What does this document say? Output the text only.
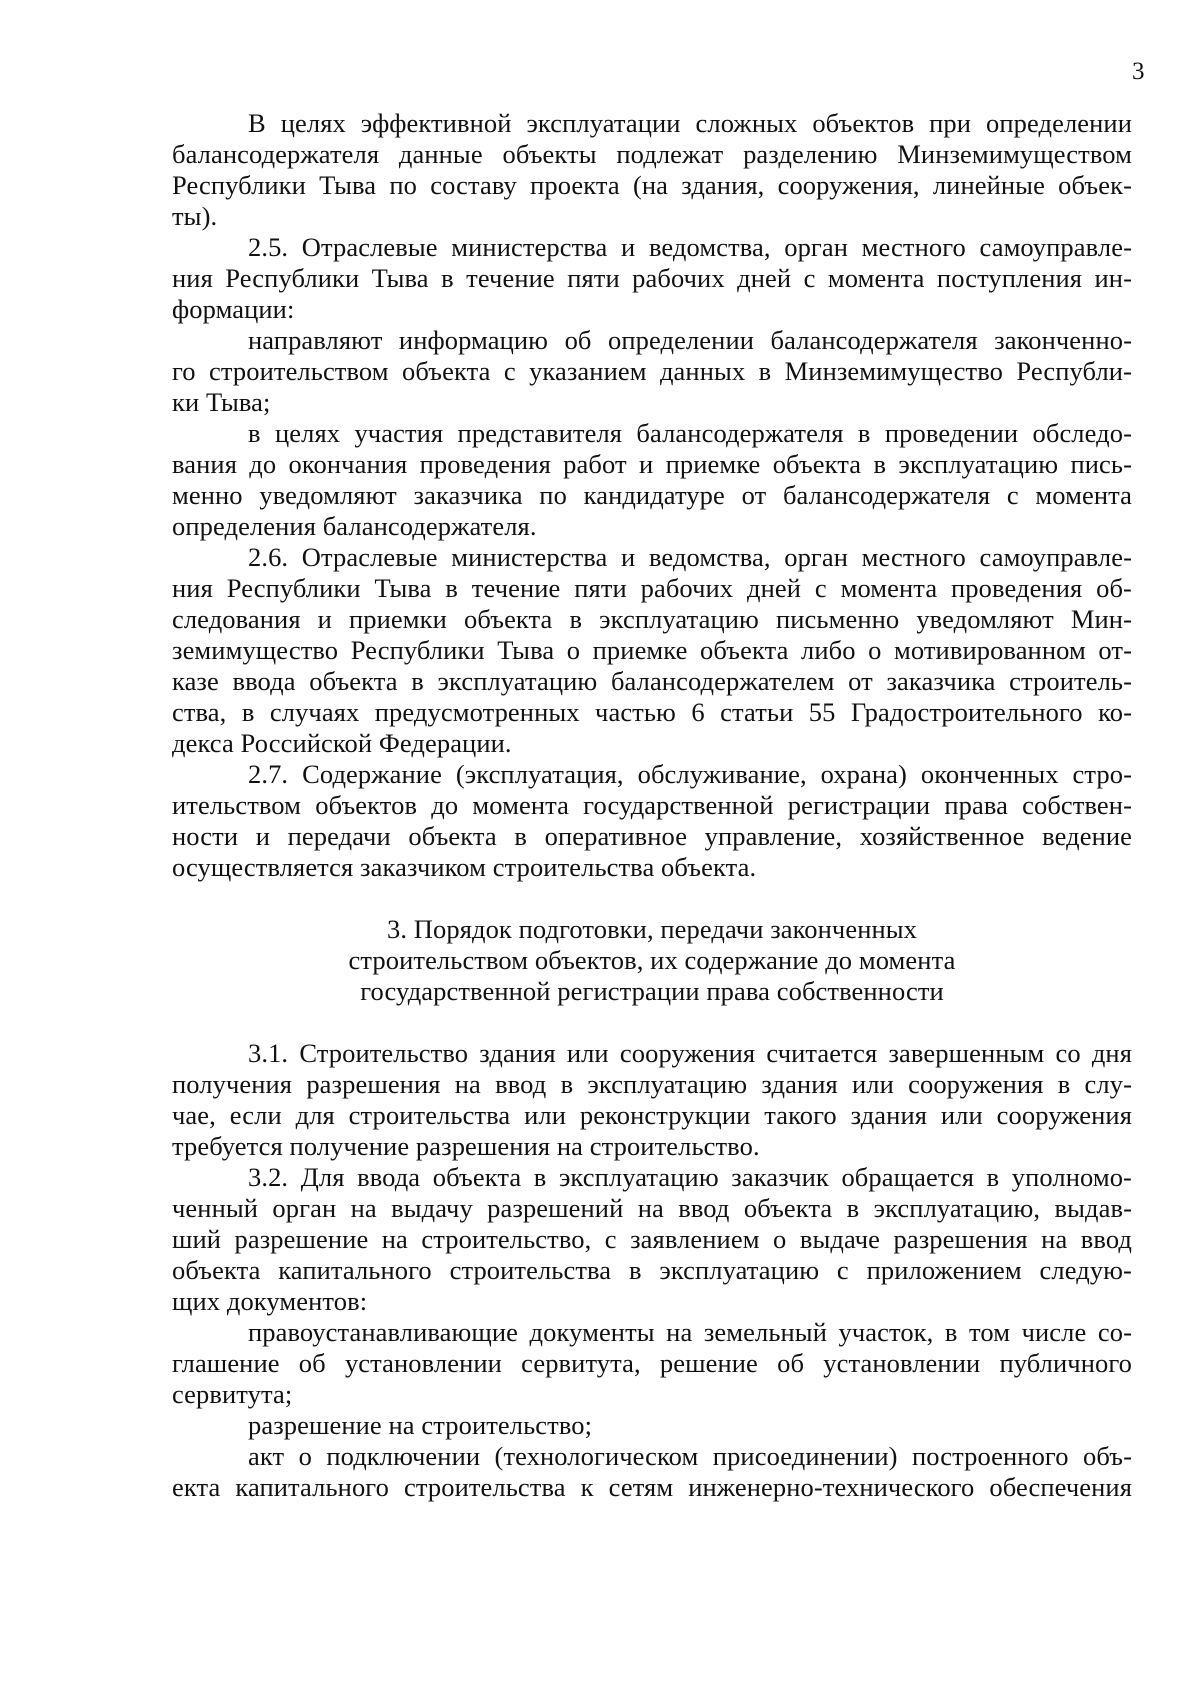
3
В целях эффективной эксплуатации сложных объектов при определении
балансодержателя данные объекты подлежат разделению Минземимуществом
Республики Тыва по составу проекта (на здания, сооружения, линейные объек-
ты).
2.5. Отраслевые министерства и ведомства, орган местного самоуправле-
ния Республики Тыва в течение пяти рабочих дней с момента поступления ин-
формации:
направляют информацию об определении балансодержателя законченно-
го строительством объекта с указанием данных в Минземимущество Республи-
ки Тыва;
в целях участия представителя балансодержателя в проведении обследо-
вания до окончания проведения работ и приемке объекта в эксплуатацию пись-
менно уведомляют заказчика по кандидатуре от балансодержателя с момента
определения балансодержателя.
2.6. Отраслевые министерства и ведомства, орган местного самоуправле-
ния Республики Тыва в течение пяти рабочих дней с момента проведения об-
следования и приемки объекта в эксплуатацию письменно уведомляют Мин-
земимущество Республики Тыва о приемке объекта либо о мотивированном от-
казе ввода объекта в эксплуатацию балансодержателем от заказчика строитель-
ства, в случаях предусмотренных частью 6 статьи 55 Градостроительного ко-
декса Российской Федерации.
2.7. Содержание (эксплуатация, обслуживание, охрана) оконченных стро-
ительством объектов до момента государственной регистрации права собствен-
ности и передачи объекта в оперативное управление, хозяйственное ведение
осуществляется заказчиком строительства объекта.
3. Порядок подготовки, передачи законченных
строительством объектов, их содержание до момента
государственной регистрации права собственности
3.1. Строительство здания или сооружения считается завершенным со дня
получения разрешения на ввод в эксплуатацию здания или сооружения в слу-
чае, если для строительства или реконструкции такого здания или сооружения
требуется получение разрешения на строительство.
3.2. Для ввода объекта в эксплуатацию заказчик обращается в уполномо-
ченный орган на выдачу разрешений на ввод объекта в эксплуатацию, выдав-
ший разрешение на строительство, с заявлением о выдаче разрешения на ввод
объекта капитального строительства в эксплуатацию с приложением следую-
щих документов:
правоустанавливающие документы на земельный участок, в том числе со-
глашение об установлении сервитута, решение об установлении публичного
сервитута;
разрешение на строительство;
акт о подключении (технологическом присоединении) построенного объ-
екта капитального строительства к сетям инженерно-технического обеспечения
